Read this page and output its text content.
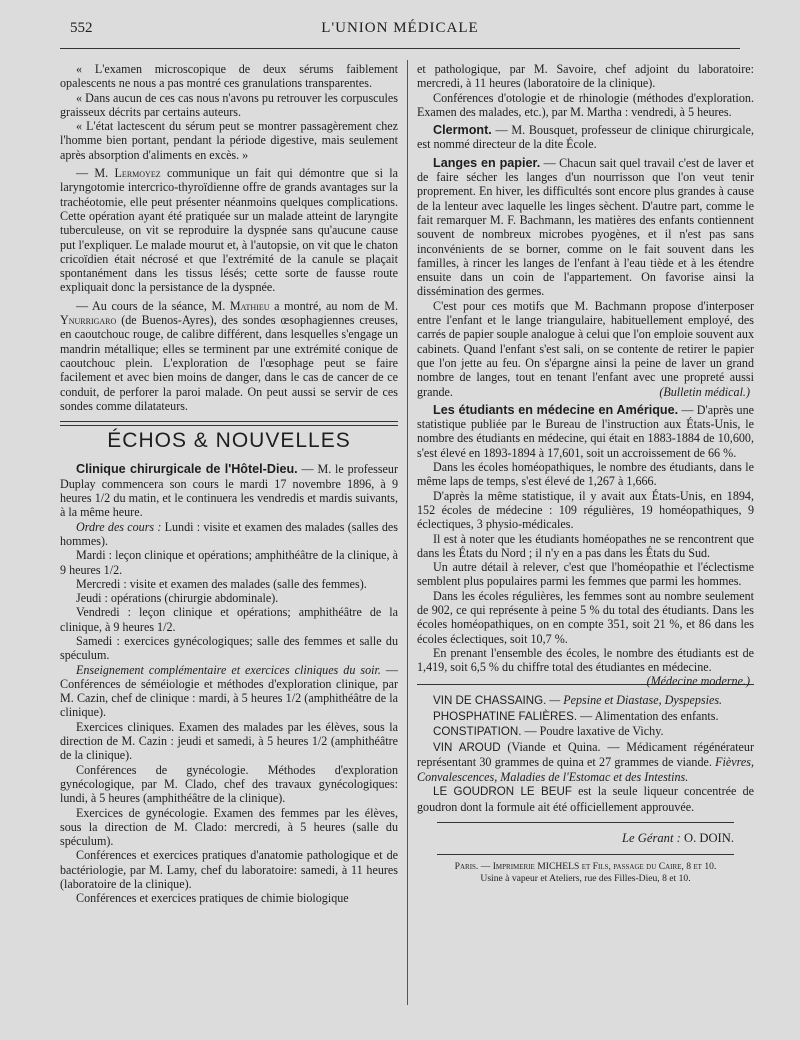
552	L'UNION MÉDICALE

« L'examen microscopique de deux sérums faiblement opalescents ne nous a pas montré ces granulations transparentes.

« Dans aucun de ces cas nous n'avons pu retrouver les corpuscules graisseux décrits par certains auteurs.

« L'état lactescent du sérum peut se montrer passagèrement chez l'homme bien portant, pendant la période digestive, mais seulement après absorption d'aliments en excès. »

— M. Lermoyez communique un fait qui démontre que si la laryngotomie intercrico-thyroïdienne offre de grands avantages sur la trachéotomie, elle peut présenter néanmoins quelques complications. Cette opération ayant été pratiquée sur un malade atteint de laryngite tuberculeuse, on vit se reproduire la dyspnée sans qu'aucune cause put l'expliquer. Le malade mourut et, à l'autopsie, on vit que le chaton cricoïdien était nécrosé et que l'extrémité de la canule se plaçait spontanément dans les tissus lésés; cette sorte de fausse route expliquait donc la persistance de la dyspnée.

— Au cours de la séance, M. Mathieu a montré, au nom de M. Ynurrigaro (de Buenos-Ayres), des sondes œsophagiennes creuses, en caoutchouc rouge, de calibre différent, dans lesquelles s'engage un mandrin métallique; elles se terminent par une extrémité conique de caoutchouc plein. L'exploration de l'œsophage peut se faire facilement et avec bien moins de danger, dans le cas de cancer de ce conduit, de perforer la paroi malade. On peut aussi se servir de ces sondes comme dilatateurs.

ÉCHOS & NOUVELLES

Clinique chirurgicale de l'Hôtel-Dieu. — M. le professeur Duplay commencera son cours le mardi 17 novembre 1896, à 9 heures 1/2 du matin, et le continuera les vendredis et mardis suivants, à la même heure.

Ordre des cours : Lundi : visite et examen des malades (salles des hommes).

Mardi : leçon clinique et opérations; amphithéâtre de la clinique, à 9 heures 1/2.

Mercredi : visite et examen des malades (salle des femmes).

Jeudi : opérations (chirurgie abdominale).

Vendredi : leçon clinique et opérations; amphithéâtre de la clinique, à 9 heures 1/2.

Samedi : exercices gynécologiques; salle des femmes et salle du spéculum.

Enseignement complémentaire et exercices cliniques du soir. — Conférences de séméiologie et méthodes d'exploration clinique, par M. Cazin, chef de clinique : mardi, à 5 heures 1/2 (amphithéâtre de la clinique).

Exercices cliniques. Examen des malades par les élèves, sous la direction de M. Cazin : jeudi et samedi, à 5 heures 1/2 (amphithéâtre de la clinique).

Conférences de gynécologie. Méthodes d'exploration gynécologique, par M. Clado, chef des travaux gynécologiques: lundi, à 5 heures (amphithéâtre de la clinique).

Exercices de gynécologie. Examen des femmes par les élèves, sous la direction de M. Clado: mercredi, à 5 heures (salle du spéculum).

Conférences et exercices pratiques d'anatomie pathologique et de bactériologie, par M. Lamy, chef du laboratoire: samedi, à 11 heures (laboratoire de la clinique).

Conférences et exercices pratiques de chimie biologique

et pathologique, par M. Savoire, chef adjoint du laboratoire: mercredi, à 11 heures (laboratoire de la clinique).

Conférences d'otologie et de rhinologie (méthodes d'exploration. Examen des malades, etc.), par M. Martha : vendredi, à 5 heures.

Clermont. — M. Bousquet, professeur de clinique chirurgicale, est nommé directeur de la dite École.

Langes en papier. — Chacun sait quel travail c'est de laver et de faire sécher les langes d'un nourrisson que l'on veut tenir proprement. En hiver, les difficultés sont encore plus grandes à cause de la lenteur avec laquelle les linges sèchent. D'autre part, comme le fait remarquer M. F. Bachmann, les matières des enfants contiennent souvent de nombreux microbes pyogènes, et il n'est pas sans inconvénients de se borner, comme on le fait souvent dans les familles, à rincer les langes de l'enfant à l'eau tiède et à les étendre ensuite dans un coin de l'appartement. On favorise ainsi la dissémination des germes.

C'est pour ces motifs que M. Bachmann propose d'interposer entre l'enfant et le lange triangulaire, habituellement employé, des carrés de papier souple analogue à celui que l'on emploie souvent aux cabinets. Quand l'enfant s'est sali, on se contente de retirer le papier que l'on jette au feu. On s'épargne ainsi la peine de laver un grand nombre de langes, tout en tenant l'enfant avec une propreté aussi grande.	(Bulletin médical.)

Les étudiants en médecine en Amérique. — D'après une statistique publiée par le Bureau de l'instruction aux États-Unis, le nombre des étudiants en médecine, qui était en 1883-1884 de 10,600, s'est élevé en 1893-1894 à 17,601, soit un accroissement de 66 %.

Dans les écoles homéopathiques, le nombre des étudiants, dans le même laps de temps, s'est élevé de 1,267 à 1,666.

D'après la même statistique, il y avait aux États-Unis, en 1894, 152 écoles de médecine : 109 régulières, 19 homéopathiques, 9 éclectiques, 3 physio-médicales.

Il est à noter que les étudiants homéopathes ne se rencontrent que dans les États du Nord ; il n'y en a pas dans les États du Sud.

Un autre détail à relever, c'est que l'homéopathie et l'éclectisme semblent plus populaires parmi les femmes que parmi les hommes.

Dans les écoles régulières, les femmes sont au nombre seulement de 902, ce qui représente à peine 5 % du total des étudiants. Dans les écoles homéopathiques, on en compte 351, soit 21 %, et 86 dans les écoles éclectiques, soit 10,7 %.

En prenant l'ensemble des écoles, le nombre des étudiants est de 1,419, soit 6,5 % du chiffre total des étudiantes en médecine.
(Médecine moderne.)

VIN DE CHASSAING. — Pepsine et Diastase, Dyspepsies.

PHOSPHATINE FALIÈRES. — Alimentation des enfants.

CONSTIPATION. — Poudre laxative de Vichy.

VIN AROUD (Viande et Quina. — Médicament régénérateur représentant 30 grammes de quina et 27 grammes de viande. Fièvres, Convalescences, Maladies de l'Estomac et des Intestins.

LE GOUDRON LE BEUF est la seule liqueur concentrée de goudron dont la formule ait été officiellement approuvée.

Le Gérant : O. DOIN.
Paris. — Imprimerie MICHELS et Fils, passage du Caire, 8 et 10.
Usine à vapeur et Ateliers, rue des Filles-Dieu, 8 et 10.
